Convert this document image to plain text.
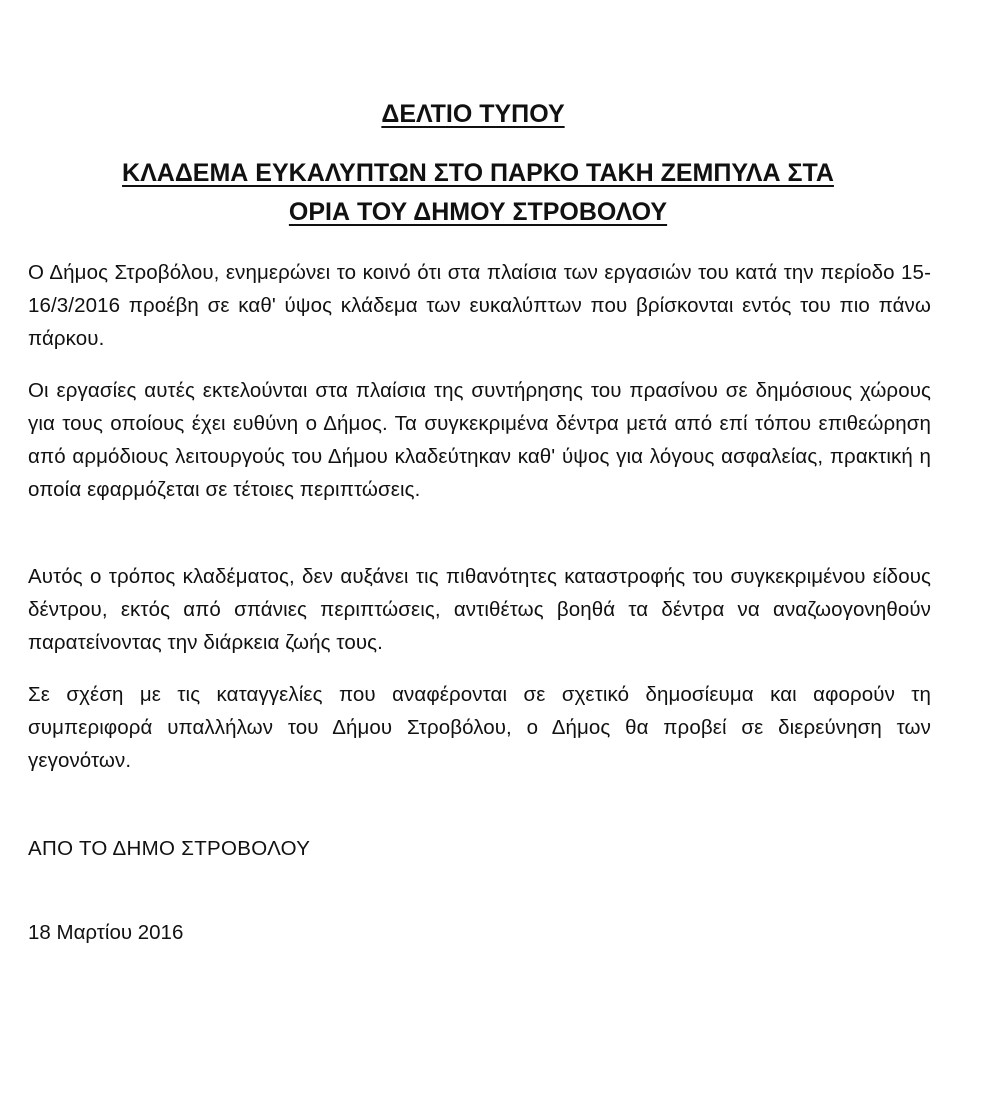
ΔΕΛΤΙΟ ΤΥΠΟΥ
ΚΛΑΔΕΜΑ ΕΥΚΑΛΥΠΤΩΝ ΣΤΟ ΠΑΡΚΟ ΤΑΚΗ ΖΕΜΠΥΛΑ ΣΤΑ
ΟΡΙΑ ΤΟΥ ΔΗΜΟΥ ΣΤΡΟΒΟΛΟΥ

Ο Δήμος Στροβόλου, ενημερώνει το κοινό ότι στα πλαίσια των εργασιών του κατά την περίοδο 15-16/3/2016 προέβη σε καθ' ύψος κλάδεμα των ευκαλύπτων που βρίσκονται εντός του πιο πάνω πάρκου.

Οι εργασίες αυτές εκτελούνται στα πλαίσια της συντήρησης του πρασίνου σε δημόσιους χώρους για τους οποίους έχει ευθύνη ο Δήμος. Τα συγκεκριμένα δέντρα μετά από επί τόπου επιθεώρηση από αρμόδιους λειτουργούς του Δήμου κλαδεύτηκαν καθ' ύψος για λόγους ασφαλείας, πρακτική η οποία εφαρμόζεται σε τέτοιες περιπτώσεις.

Αυτός ο τρόπος κλαδέματος, δεν αυξάνει τις πιθανότητες καταστροφής του συγκεκριμένου είδους δέντρου, εκτός από σπάνιες περιπτώσεις, αντιθέτως βοηθά τα δέντρα να αναζωογονηθούν παρατείνοντας την διάρκεια ζωής τους.

Σε σχέση με τις καταγγελίες που αναφέρονται σε σχετικό δημοσίευμα και αφορούν τη συμπεριφορά υπαλλήλων του Δήμου Στροβόλου, ο Δήμος θα προβεί σε διερεύνηση των γεγονότων.

ΑΠΟ ΤΟ ΔΗΜΟ ΣΤΡΟΒΟΛΟΥ
18 Μαρτίου 2016
